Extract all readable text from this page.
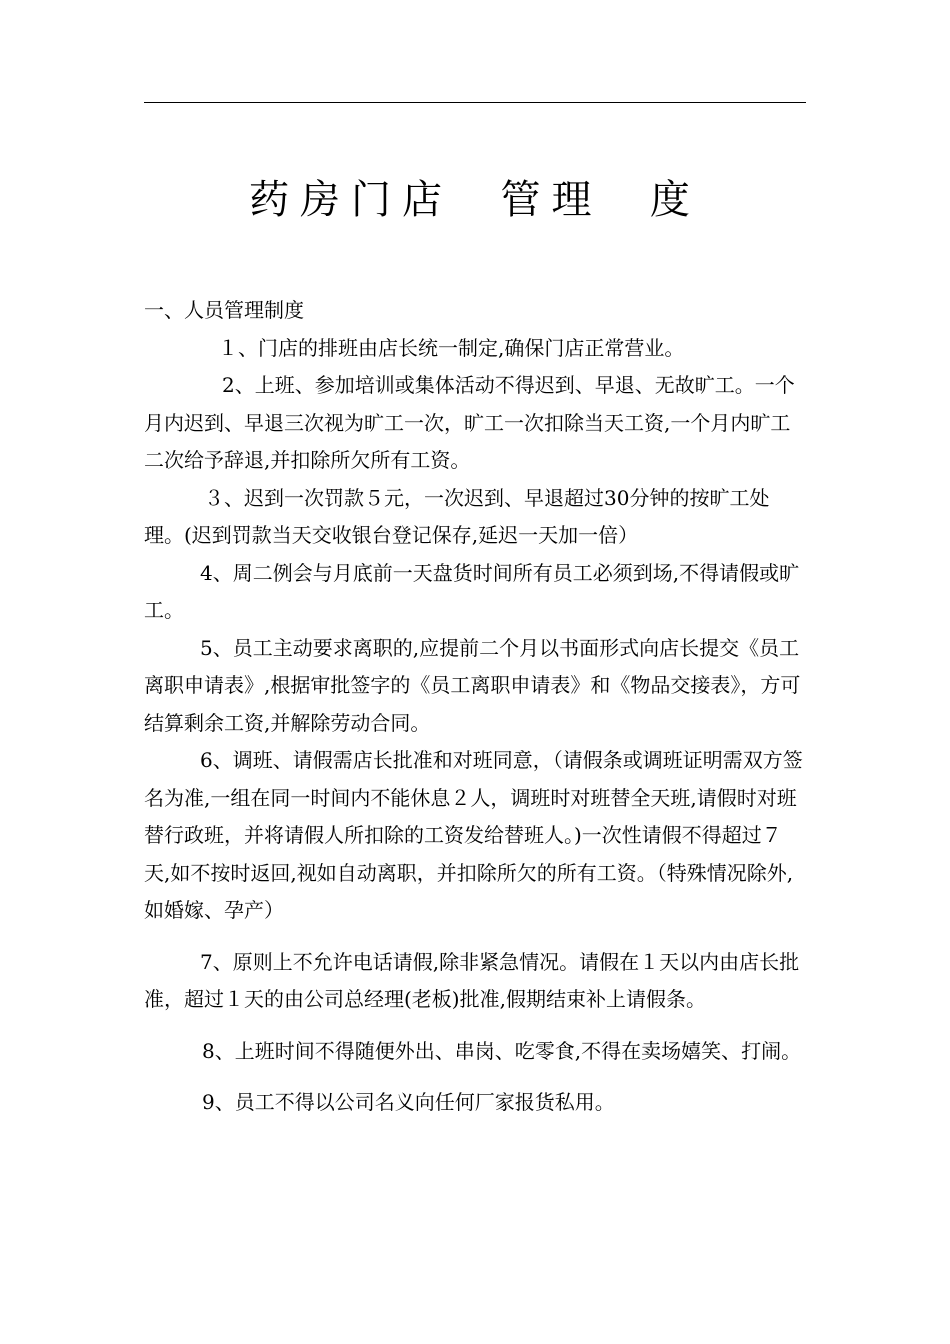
药房门店  管理  度

一、人员管理制度

１、门店的排班由店长统一制定,确保门店正常营业。

2、上班、参加培训或集体活动不得迟到、早退、无故旷工。一个月内迟到、早退三次视为旷工一次，旷工一次扣除当天工资,一个月内旷工二次给予辞退,并扣除所欠所有工资。

３、迟到一次罚款５元，一次迟到、早退超过30分钟的按旷工处理。(迟到罚款当天交收银台登记保存,延迟一天加一倍）

4、周二例会与月底前一天盘货时间所有员工必须到场,不得请假或旷工。

5、员工主动要求离职的,应提前二个月以书面形式向店长提交《员工离职申请表》,根据审批签字的《员工离职申请表》和《物品交接表》，方可结算剩余工资,并解除劳动合同。

6、调班、请假需店长批准和对班同意，（请假条或调班证明需双方签名为准,一组在同一时间内不能休息２人，调班时对班替全天班,请假时对班替行政班，并将请假人所扣除的工资发给替班人。)一次性请假不得超过７天,如不按时返回,视如自动离职，并扣除所欠的所有工资。（特殊情况除外,如婚嫁、孕产）

7、原则上不允许电话请假,除非紧急情况。请假在１天以内由店长批准，超过１天的由公司总经理(老板)批准,假期结束补上请假条。

8、上班时间不得随便外出、串岗、吃零食,不得在卖场嬉笑、打闹。

9、员工不得以公司名义向任何厂家报货私用。
